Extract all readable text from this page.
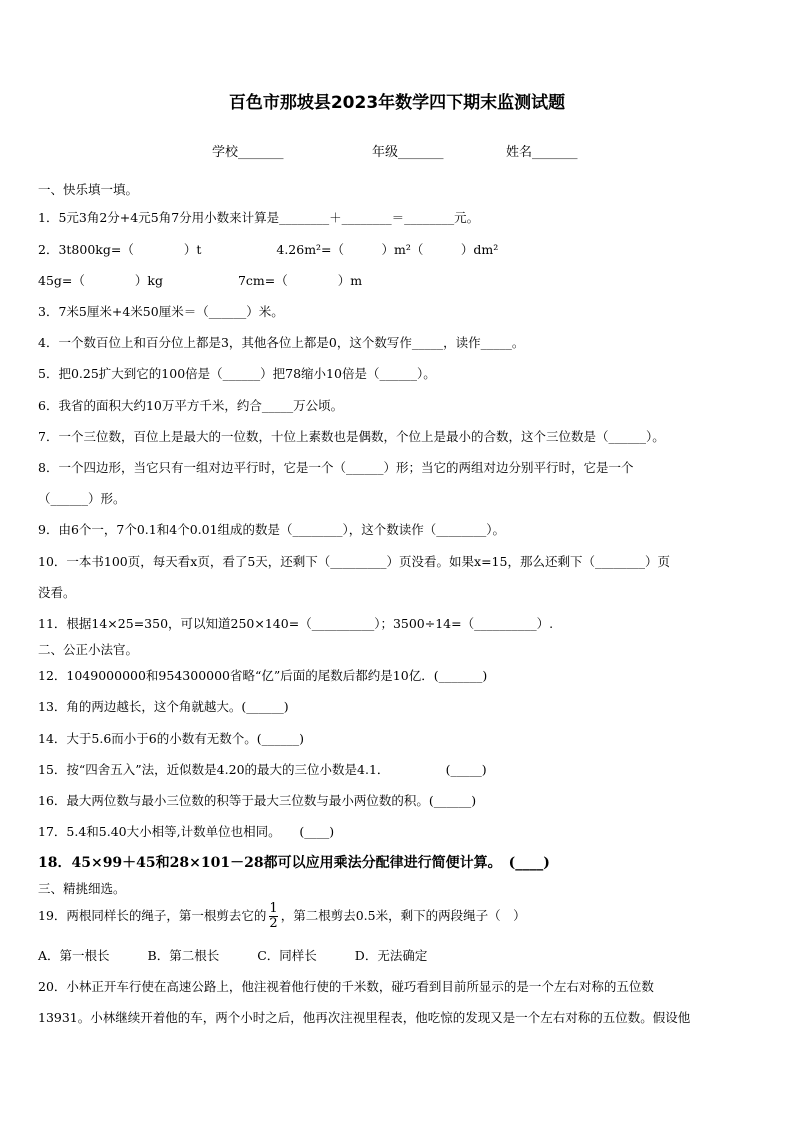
百色市那坡县2023年数学四下期末监测试题
学校_______	年级_______	姓名_______
一、快乐填一填。
1．5元3角2分+4元5角7分用小数来计算是________＋________＝________元。
2．3t800kg=（　　　　）t　　　　　　4.26m²=（　　　）m²（　　　）dm²
45g=（　　　　）kg　　　　　　7cm=（　　　　）m
3．7米5厘米+4米50厘米＝（______）米。
4．一个数百位上和百分位上都是3，其他各位上都是0，这个数写作_____，读作_____。
5．把0.25扩大到它的100倍是（______）把78缩小10倍是（______）。
6．我省的面积大约10万平方千米，约合_____万公顷。
7．一个三位数，百位上是最大的一位数，十位上素数也是偶数，个位上是最小的合数，这个三位数是（______）。
8．一个四边形，当它只有一组对边平行时，它是一个（______）形；当它的两组对边分别平行时，它是一个
（______）形。
9．由6个一，7个0.1和4个0.01组成的数是（________），这个数读作（________）。
10．一本书100页，每天看x页，看了5天，还剩下（_________）页没看。如果x=15，那么还剩下（________）页
没看。
11．根据14×25=350，可以知道250×140=（__________）；3500÷14=（__________）.
二、公正小法官。
12．1049000000和954300000省略“亿”后面的尾数后都约是10亿．(_______)
13．角的两边越长，这个角就越大。(______)
14．大于5.6而小于6的小数有无数个。(______)
15．按“四舍五入”法，近似数是4.20的最大的三位小数是4.1．　　　　　(_____)
16．最大两位数与最小三位数的积等于最大三位数与最小两位数的积。(______)
17．5.4和5.40大小相等,计数单位也相同。　　(____)
18．45×99＋45和28×101－28都可以应用乘法分配律进行简便计算。　(____)
三、精挑细选。
19．两根同样长的绳子，第一根剪去它的 $\frac{1}{2}$ ，第二根剪去0.5米，剩下的两段绳子（　）
A．第一根长	B．第二根长	C．同样长	D．无法确定
20．小林正开车行使在高速公路上，他注视着他行使的千米数，碰巧看到目前所显示的是一个左右对称的五位数
13931。小林继续开着他的车，两个小时之后，他再次注视里程表，他吃惊的发现又是一个左右对称的五位数。假设他
